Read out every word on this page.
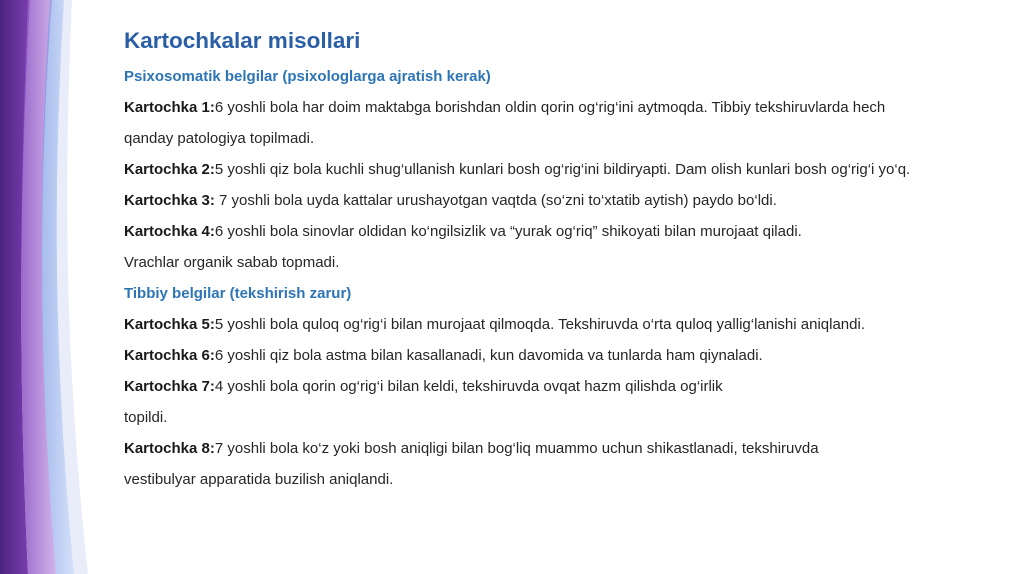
Kartochkalar misollari
Psixosomatik belgilar (psixologlarga ajratish kerak)
Kartochka 1:6 yoshli bola har doim maktabga borishdan oldin qorin og‘rig‘ini aytmoqda. Tibbiy tekshiruvlarda hech
qanday patologiya topilmadi.
Kartochka 2:5 yoshli qiz bola kuchli shug‘ullanish kunlari bosh og‘rig‘ini bildiryapti. Dam olish kunlari bosh og‘rig‘i yo‘q.
Kartochka 3: 7 yoshli bola uyda kattalar urushayotgan vaqtda (so‘zni to‘xtatib aytish) paydo bo‘ldi.
Kartochka 4:6 yoshli bola sinovlar oldidan ko‘ngilsizlik va “yurak og‘riq” shikoyati bilan murojaat qiladi.
Vrachlar organik sabab topmadi.
Tibbiy belgilar (tekshirish zarur)
Kartochka 5:5 yoshli bola quloq og‘rig‘i bilan murojaat qilmoqda. Tekshiruvda o‘rta quloq yallig‘lanishi aniqlandi.
Kartochka 6:6 yoshli qiz bola astma bilan kasallanadi, kun davomida va tunlarda ham qiynaladi.
Kartochka 7:4 yoshli bola qorin og‘rig‘i bilan keldi, tekshiruvda ovqat hazm qilishda og‘irlik
topildi.
Kartochka 8:7 yoshli bola ko‘z yoki bosh aniqligi bilan bog‘liq muammo uchun shikastlanadi, tekshiruvda
vestibulyar apparatida buzilish aniqlandi.
